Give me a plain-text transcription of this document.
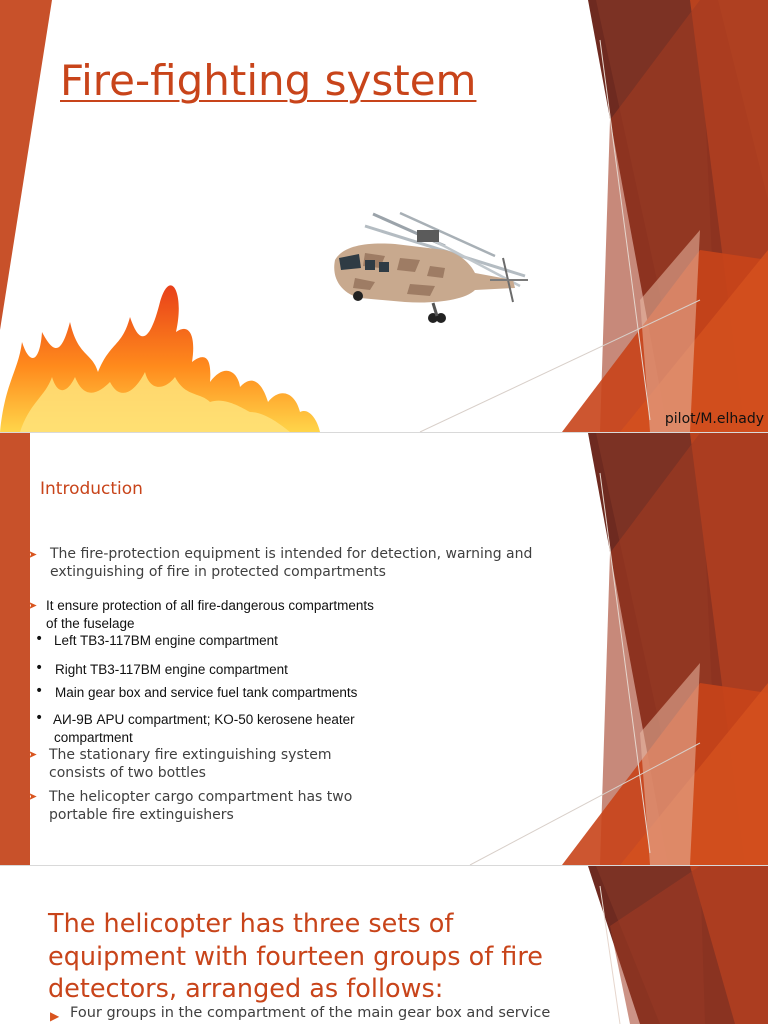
Fire-fighting system
pilot/M.elhady
Introduction
➤ The fire-protection equipment is intended for detection, warning and
extinguishing of fire in protected compartments
➤ It ensure protection of all fire-dangerous compartments
of the fuselage
• Left TB3-117BM engine compartment
• Right TB3-117BM engine compartment
• Main gear box and service fuel tank compartments
• АИ-9В APU compartment; KO-50 kerosene heater
compartment
➤ The stationary fire extinguishing system
consists of two bottles
➤ The helicopter cargo compartment has two
portable fire extinguishers
The helicopter has three sets of equipment with fourteen groups of fire detectors, arranged as follows:
▶ Four groups in the compartment of the main gear box and service
